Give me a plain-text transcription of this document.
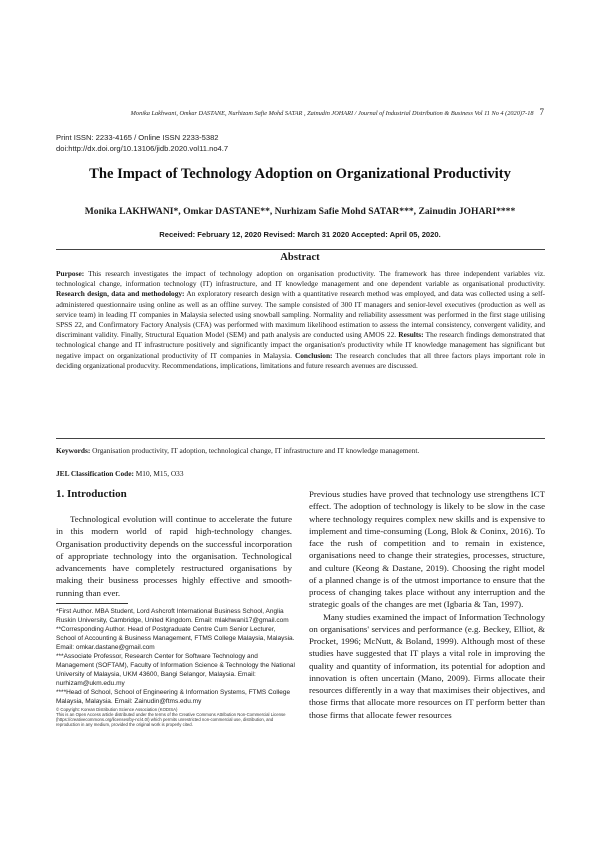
Monika Lakhwani, Omkar DASTANE, Nurhizam Safie Mohd SATAR , Zainudin JOHARI / Journal of Industrial Distribution & Business Vol 11 No 4 (2020)7-18 7
Print ISSN: 2233-4165 / Online ISSN 2233-5382
doi:http://dx.doi.org/10.13106/jidb.2020.vol11.no4.7
The Impact of Technology Adoption on Organizational Productivity
Monika LAKHWANI*, Omkar DASTANE**, Nurhizam Safie Mohd SATAR***, Zainudin JOHARI****
Received: February 12, 2020 Revised: March 31 2020 Accepted: April 05, 2020.
Abstract
Purpose: This research investigates the impact of technology adoption on organisation productivity. The framework has three independent variables viz. technological change, information technology (IT) infrastructure, and IT knowledge management and one dependent variable as organisational productivity. Research design, data and methodology: An exploratory research design with a quantitative research method was employed, and data was collected using a self-administered questionnaire using online as well as an offline survey. The sample consisted of 300 IT managers and senior-level executives (production as well as service team) in leading IT companies in Malaysia selected using snowball sampling. Normality and reliability assessment was performed in the first stage utilising SPSS 22, and Confirmatory Factory Analysis (CFA) was performed with maximum likelihood estimation to assess the internal consistency, convergent validity, and discriminant validity. Finally, Structural Equation Model (SEM) and path analysis are conducted using AMOS 22. Results: The research findings demonstrated that technological change and IT infrastructure positively and significantly impact the organisation's productivity while IT knowledge management has significant but negative impact on organizational productivity of IT companies in Malaysia. Conclusion: The research concludes that all three factors plays important role in deciding organizational producvity. Recommendations, implications, limitations and future research avenues are discussed.
Keywords: Organisation productivity, IT adoption, technological change, IT infrastructure and IT knowledge management.
JEL Classification Code: M10, M15, O33
1. Introduction

Technological evolution will continue to accelerate the future in this modern world of rapid high-technology changes. Organisation productivity depends on the successful incorporation of appropriate technology into the organisation. Technological advancements have completely restructured organisations by making their business processes highly effective and smooth-running than ever.

*First Author. MBA Student, Lord Ashcroft International Business School, Anglia Ruskin University, Cambridge, United Kingdom. Email: mlakhwani17@gmail.com

**Corresponding Author. Head of Postgraduate Centre Cum Senior Lecturer, School of Accounting & Business Management, FTMS College Malaysia, Malaysia. Email: omkar.dastane@gmail.com

***Associate Professor, Research Center for Software Technology and Management (SOFTAM), Faculty of Information Science & Technology the National University of Malaysia, UKM 43600, Bangi Selangor, Malaysia. Email: nurhizam@ukm.edu.my

****Head of School, School of Engineering & Information Systems, FTMS College Malaysia, Malaysia. Email: Zainudin@ftms.edu.my

© Copyright: Korean Distribution Science Association (KODISA)

This is an Open Access article distributed under the terms of the Creative Commons Attribution Non-Commercial License (https://creativecommons.org/licenses/by-nc/4.0/) which permits unrestricted non-commercial use, distribution, and reproduction in any medium, provided the original work is properly cited.

Previous studies have proved that technology use strengthens ICT effect. The adoption of technology is likely to be slow in the case where technology requires complex new skills and is expensive to implement and time-consuming (Long, Blok & Coninx, 2016). To face the rush of competition and to remain in existence, organisations need to change their strategies, processes, structure, and culture (Keong & Dastane, 2019). Choosing the right model of a planned change is of the utmost importance to ensure that the process of changing takes place without any interruption and the strategic goals of the changes are met (Igbaria & Tan, 1997).

Many studies examined the impact of Information Technology on organisations' services and performance (e.g. Beckey, Elliot, & Procket, 1996; McNutt, & Boland, 1999). Although most of these studies have suggested that IT plays a vital role in improving the quality and quantity of information, its potential for adoption and innovation is often uncertain (Mano, 2009). Firms allocate their resources differently in a way that maximises their objectives, and those firms that allocate more resources on IT perform better than those firms that allocate fewer resources
